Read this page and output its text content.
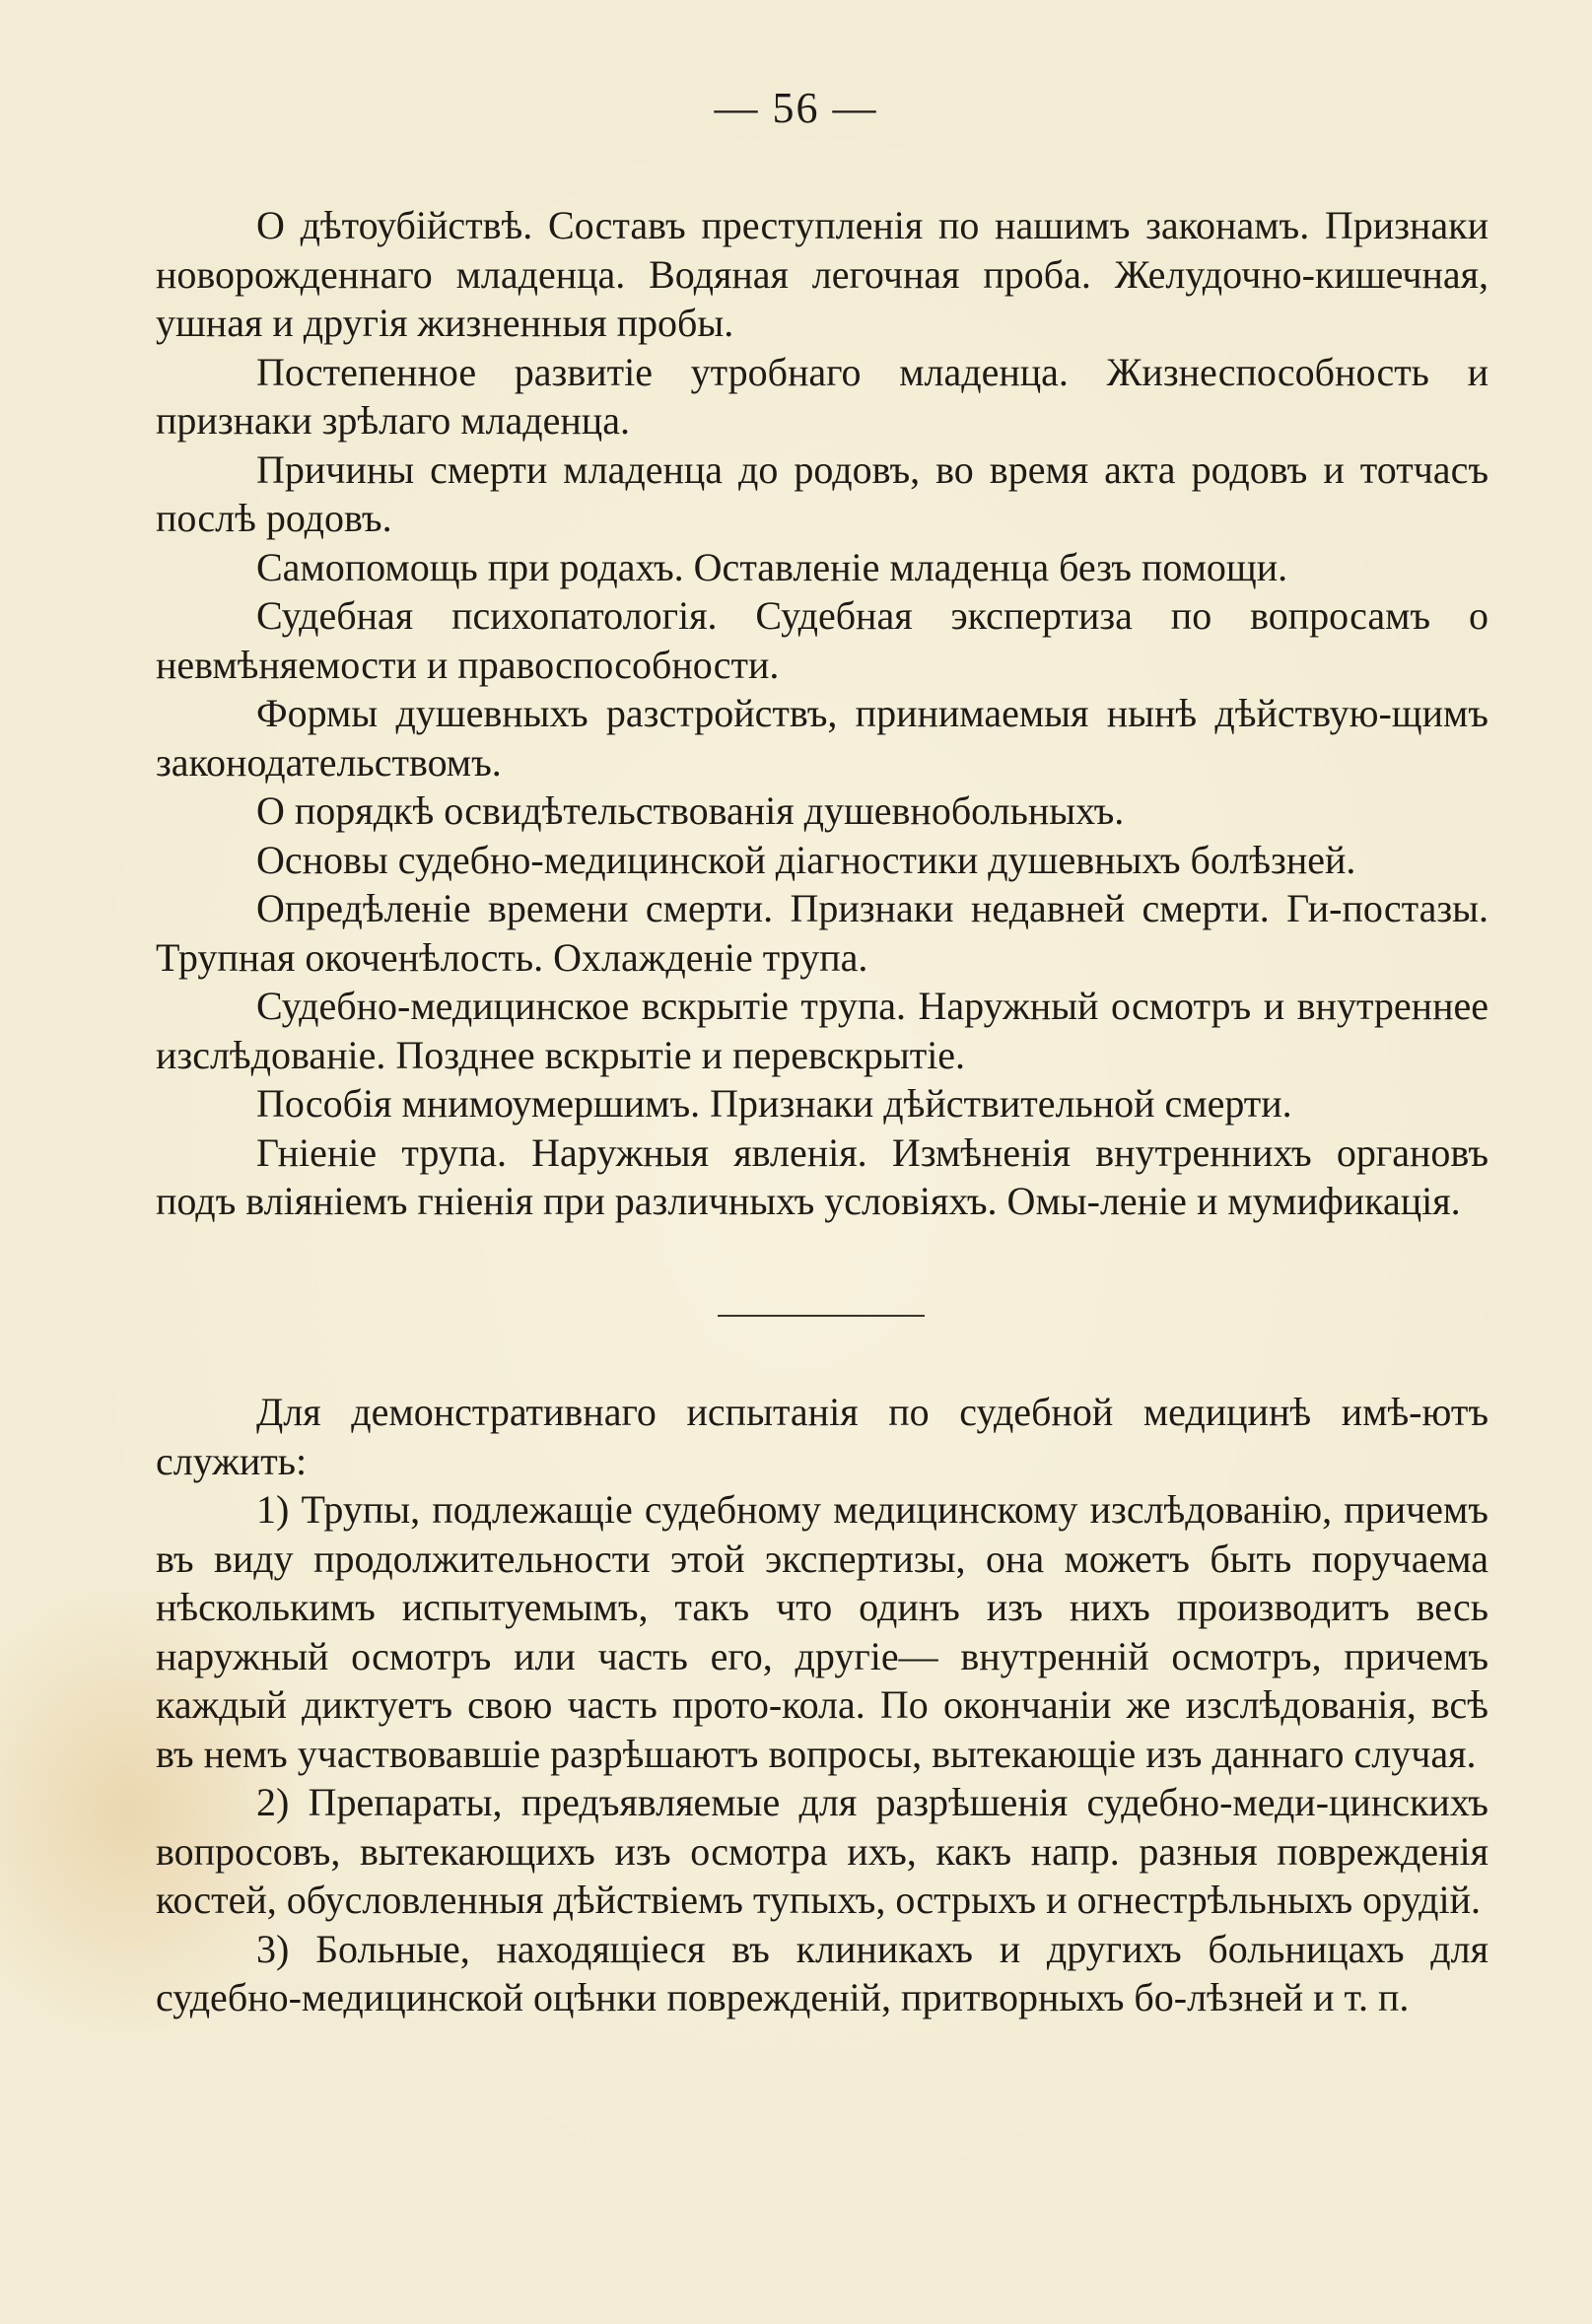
— 56 —

О дѣтоубійствѣ. Составъ преступленія по нашимъ законамъ. Признаки новорожденнаго младенца. Водяная легочная проба. Желудочно-кишечная, ушная и другія жизненныя пробы.

Постепенное развитіе утробнаго младенца. Жизнеспособность и признаки зрѣлаго младенца.

Причины смерти младенца до родовъ, во время акта родовъ и тотчасъ послѣ родовъ.

Самопомощь при родахъ. Оставленіе младенца безъ помощи.

Судебная психопатологія. Судебная экспертиза по вопросамъ о невмѣняемости и правоспособности.

Формы душевныхъ разстройствъ, принимаемыя нынѣ дѣйствую-щимъ законодательствомъ.

О порядкѣ освидѣтельствованія душевнобольныхъ.

Основы судебно-медицинской діагностики душевныхъ болѣзней.

Опредѣленіе времени смерти. Признаки недавней смерти. Ги-постазы. Трупная окоченѣлость. Охлажденіе трупа.

Судебно-медицинское вскрытіе трупа. Наружный осмотръ и внутреннее изслѣдованіе. Позднее вскрытіе и перевскрытіе.

Пособія мнимоумершимъ. Признаки дѣйствительной смерти.

Гніеніе трупа. Наружныя явленія. Измѣненія внутреннихъ органовъ подъ вліяніемъ гніенія при различныхъ условіяхъ. Омы-леніе и мумификація.

Для демонстративнаго испытанія по судебной медицинѣ имѣ-ютъ служить:

1) Трупы, подлежащіе судебному медицинскому изслѣдованію, причемъ въ виду продолжительности этой экспертизы, она можетъ быть поручаема нѣсколькимъ испытуемымъ, такъ что одинъ изъ нихъ производитъ весь наружный осмотръ или часть его, другіе— внутренній осмотръ, причемъ каждый диктуетъ свою часть прото-кола. По окончаніи же изслѣдованія, всѣ въ немъ участвовавшіе разрѣшаютъ вопросы, вытекающіе изъ даннаго случая.

2) Препараты, предъявляемые для разрѣшенія судебно-меди-цинскихъ вопросовъ, вытекающихъ изъ осмотра ихъ, какъ напр. разныя поврежденія костей, обусловленныя дѣйствіемъ тупыхъ, острыхъ и огнестрѣльныхъ орудій.

3) Больные, находящіеся въ клиникахъ и другихъ больницахъ для судебно-медицинской оцѣнки поврежденій, притворныхъ бо-лѣзней и т. п.
